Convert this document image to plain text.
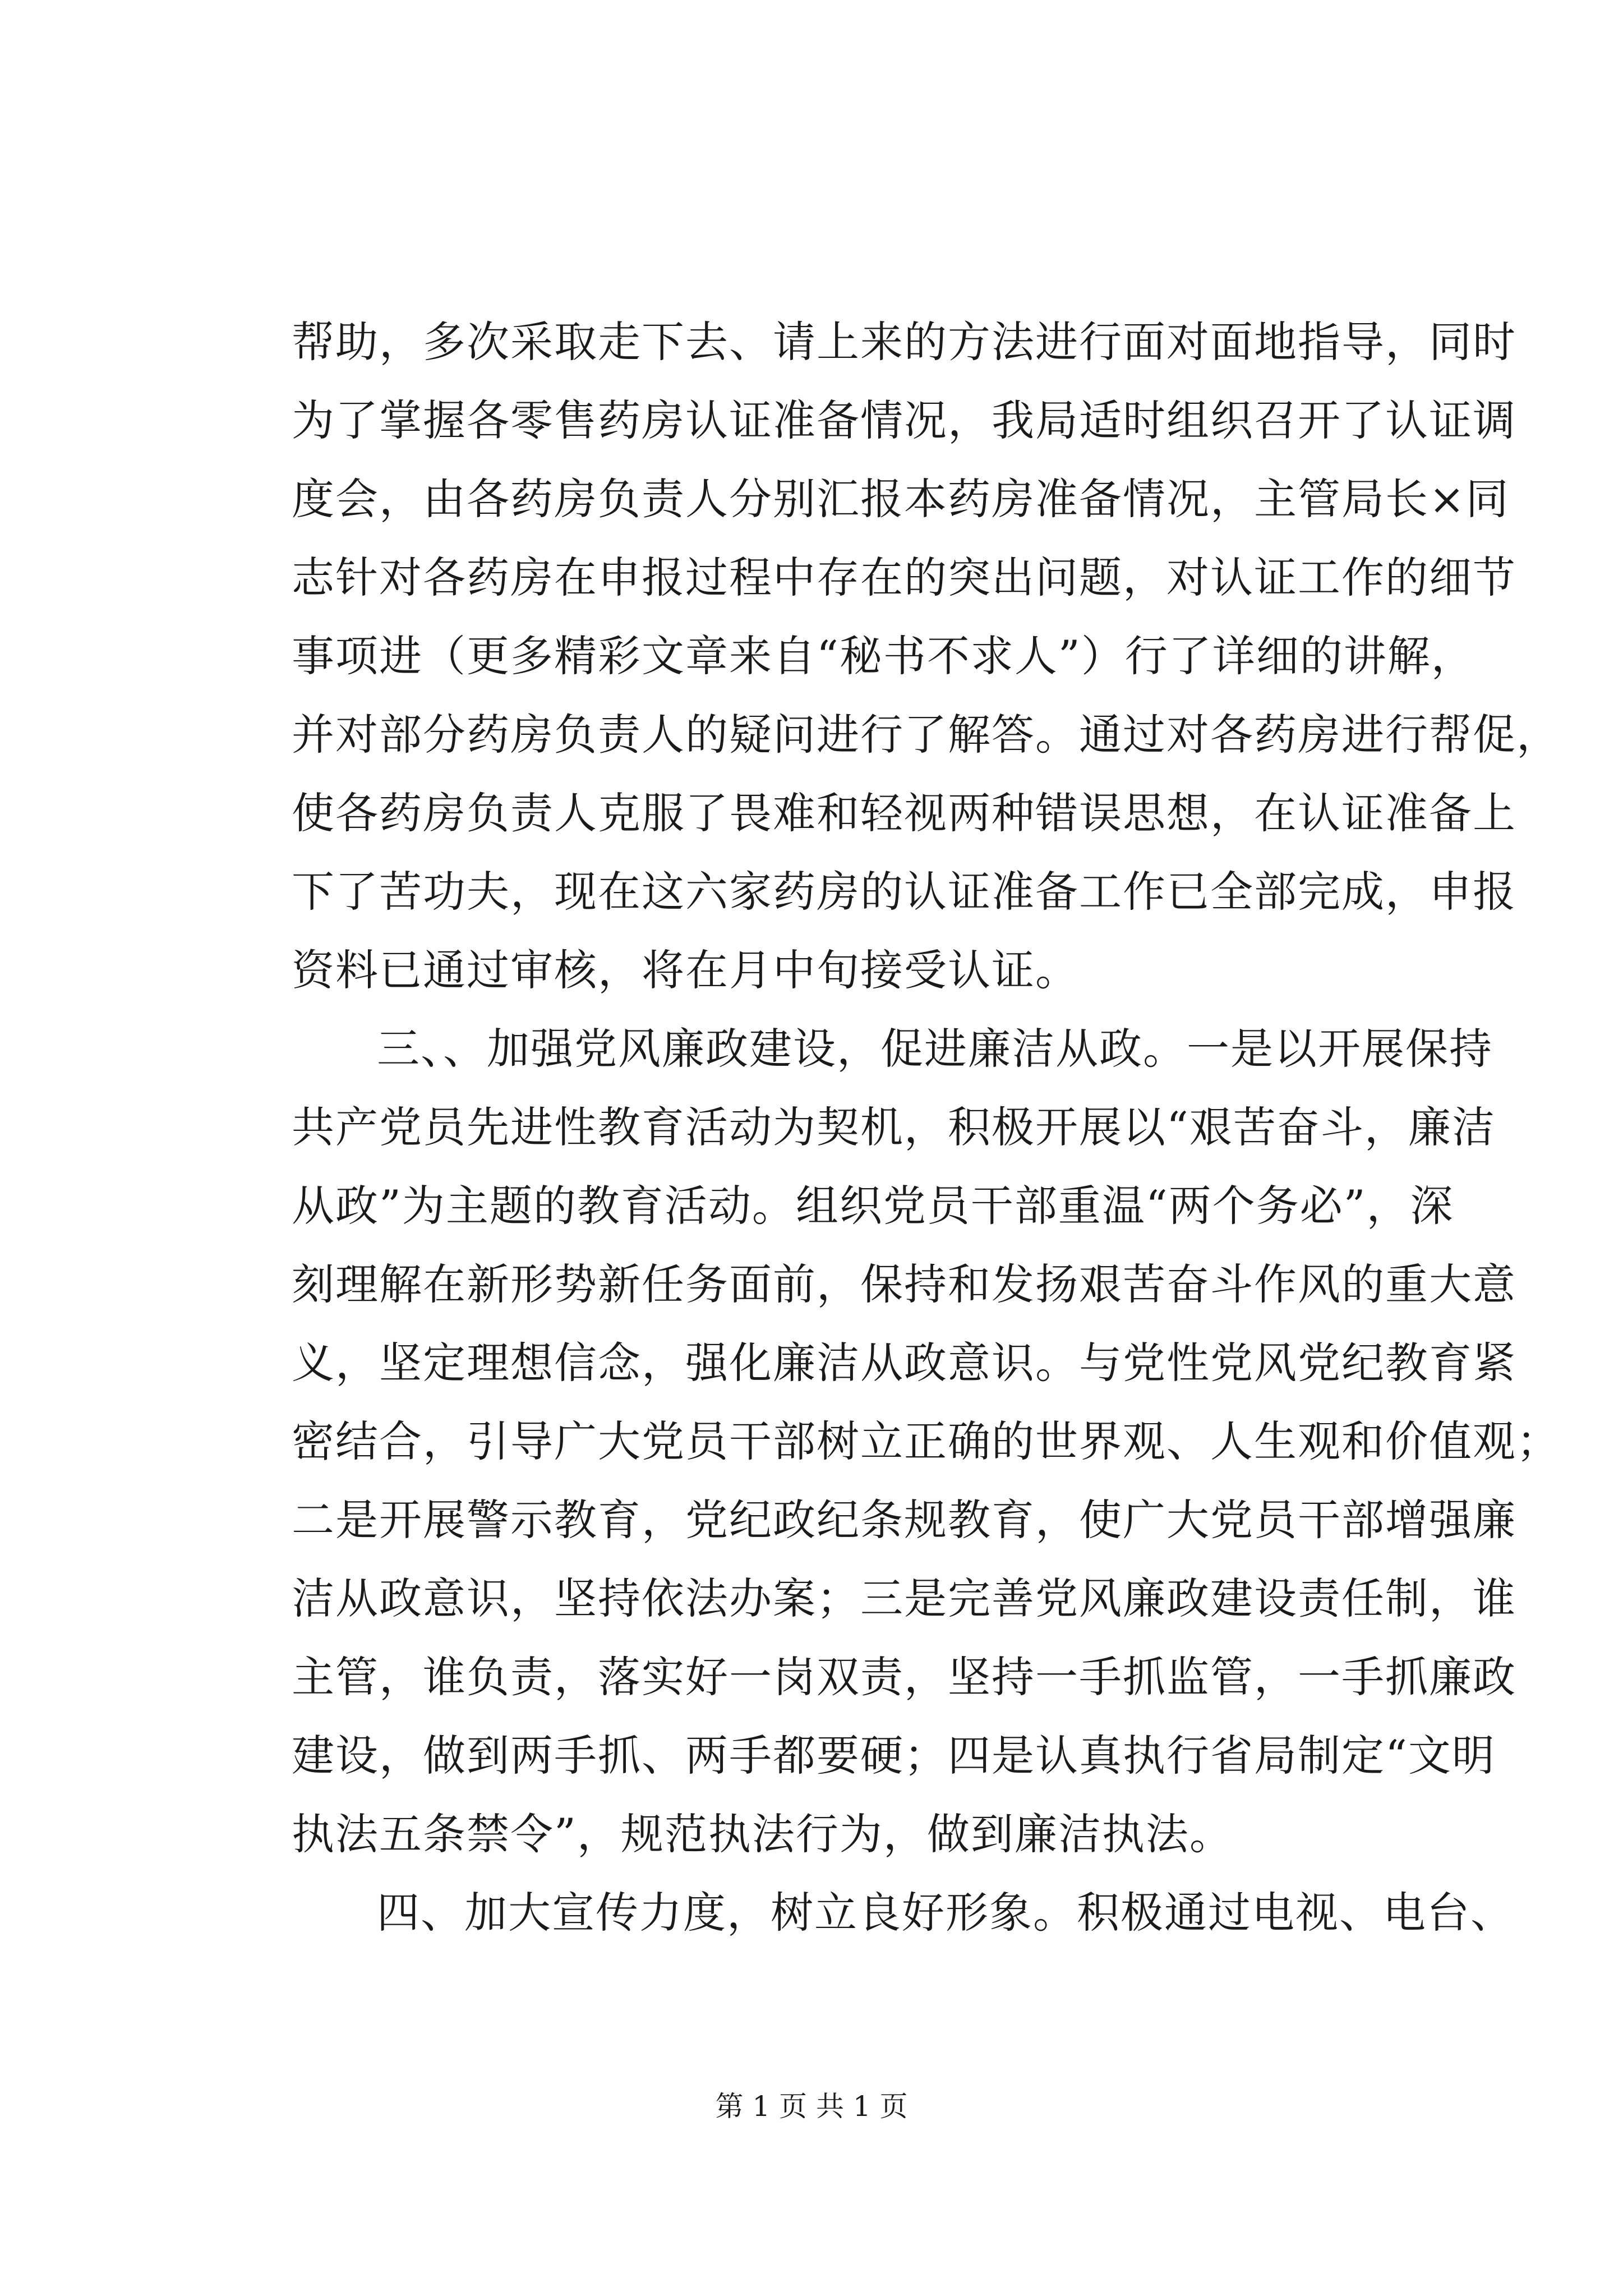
帮助，多次采取走下去、请上来的方法进行面对面地指导，同时
为了掌握各零售药房认证准备情况，我局适时组织召开了认证调
度会，由各药房负责人分别汇报本药房准备情况，主管局长×同
志针对各药房在申报过程中存在的突出问题，对认证工作的细节
事项进（更多精彩文章来自“秘书不求人”）行了详细的讲解，
并对部分药房负责人的疑问进行了解答。通过对各药房进行帮促，
使各药房负责人克服了畏难和轻视两种错误思想，在认证准备上
下了苦功夫，现在这六家药房的认证准备工作已全部完成，申报
资料已通过审核，将在月中旬接受认证。
三、、加强党风廉政建设，促进廉洁从政。一是以开展保持
共产党员先进性教育活动为契机，积极开展以“艰苦奋斗，廉洁
从政”为主题的教育活动。组织党员干部重温“两个务必”，深
刻理解在新形势新任务面前，保持和发扬艰苦奋斗作风的重大意
义，坚定理想信念，强化廉洁从政意识。与党性党风党纪教育紧
密结合，引导广大党员干部树立正确的世界观、人生观和价值观；
二是开展警示教育，党纪政纪条规教育，使广大党员干部增强廉
洁从政意识，坚持依法办案；三是完善党风廉政建设责任制，谁
主管，谁负责，落实好一岗双责，坚持一手抓监管，一手抓廉政
建设，做到两手抓、两手都要硬；四是认真执行省局制定“文明
执法五条禁令”，规范执法行为，做到廉洁执法。
四、加大宣传力度，树立良好形象。积极通过电视、电台、
第 1 页 共 1 页
